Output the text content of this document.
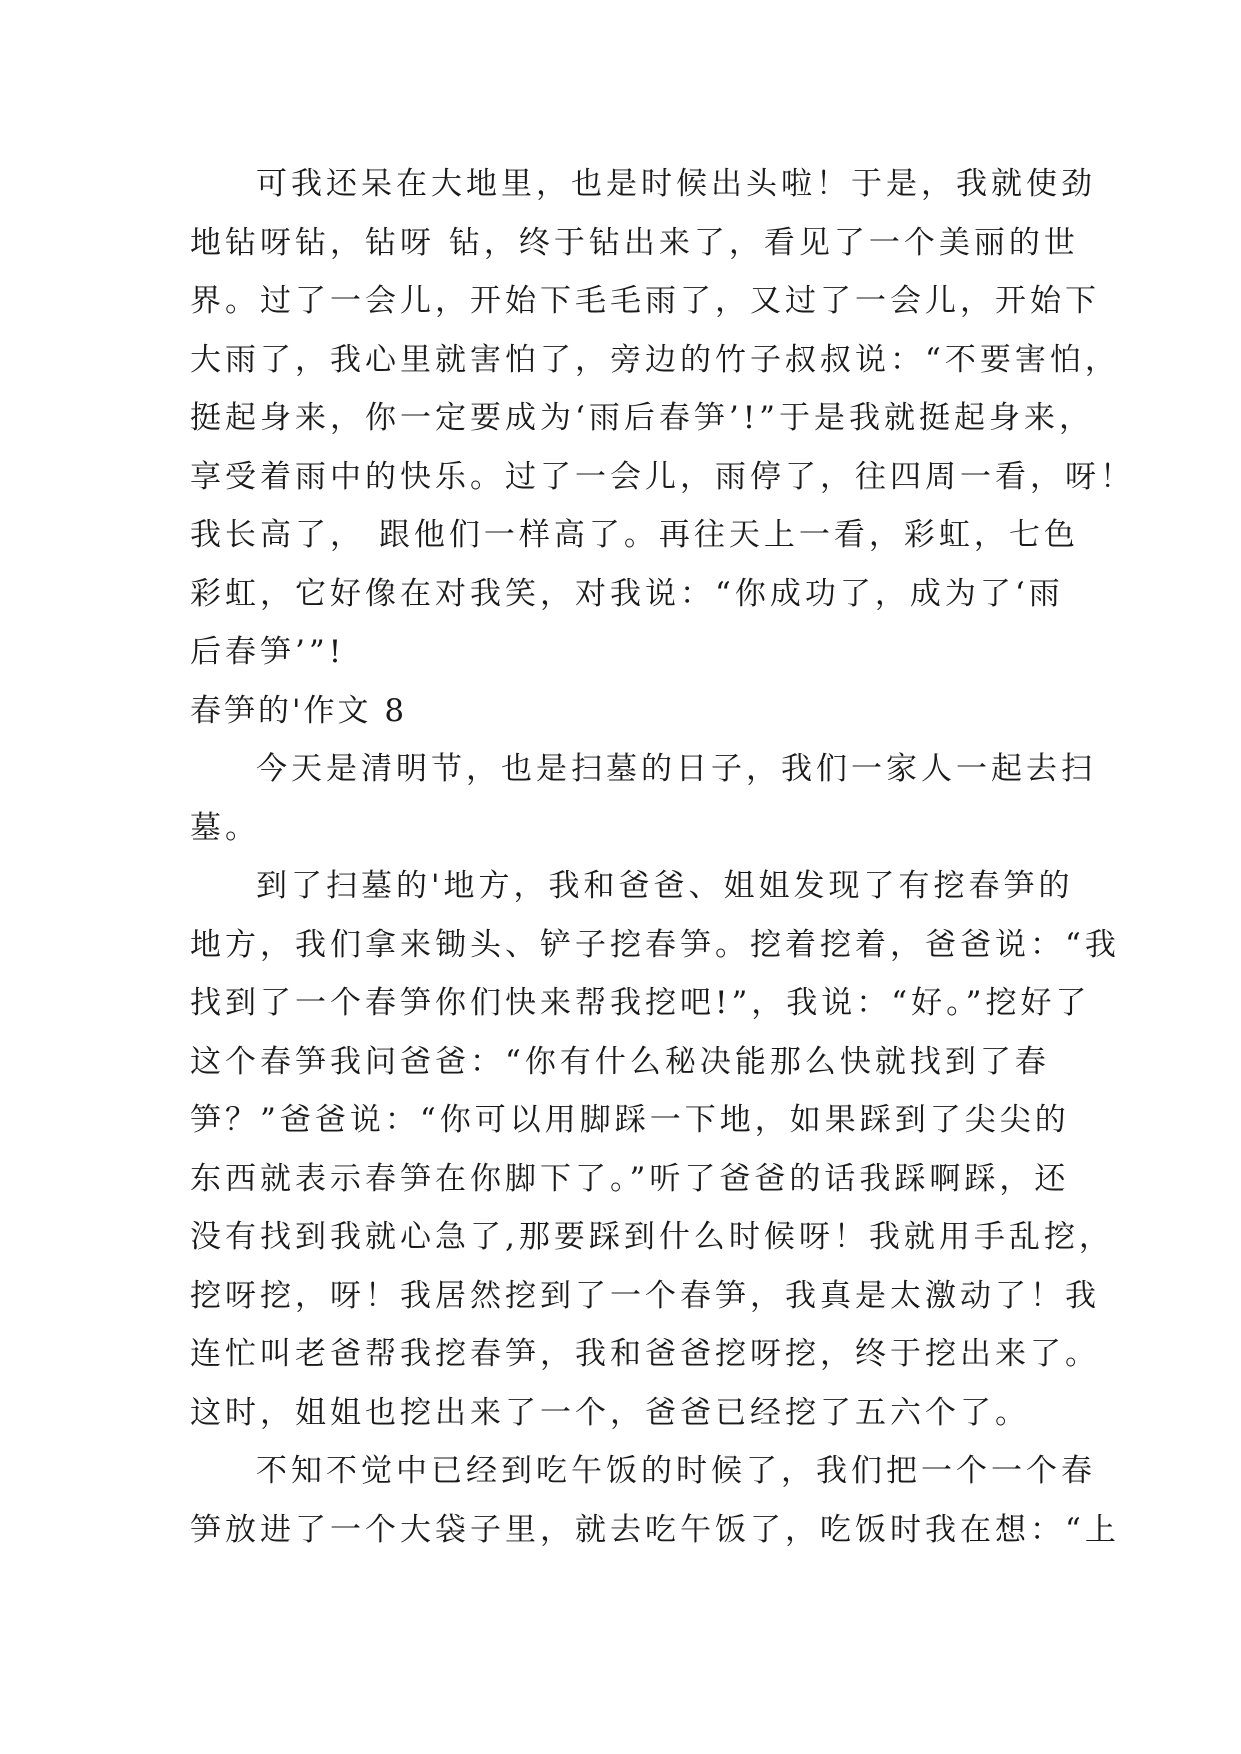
可我还呆在大地里，也是时候出头啦！于是，我就使劲
地钻呀钻，钻呀 钻，终于钻出来了，看见了一个美丽的世
界。过了一会儿，开始下毛毛雨了，又过了一会儿，开始下
大雨了，我心里就害怕了，旁边的竹子叔叔说：“不要害怕，
挺起身来，你一定要成为‘雨后春笋’!”于是我就挺起身来，
享受着雨中的快乐。过了一会儿，雨停了，往四周一看，呀！
我长高了， 跟他们一样高了。再往天上一看，彩虹，七色
彩虹，它好像在对我笑，对我说：“你成功了，成为了‘雨
后春笋’”!
春笋的'作文 8
今天是清明节，也是扫墓的日子，我们一家人一起去扫
墓。
到了扫墓的'地方，我和爸爸、姐姐发现了有挖春笋的
地方，我们拿来锄头、铲子挖春笋。挖着挖着，爸爸说：“我
找到了一个春笋你们快来帮我挖吧!”，我说：“好。”挖好了
这个春笋我问爸爸：“你有什么秘决能那么快就找到了春
笋？”爸爸说：“你可以用脚踩一下地，如果踩到了尖尖的
东西就表示春笋在你脚下了。”听了爸爸的话我踩啊踩，还
没有找到我就心急了,那要踩到什么时候呀！我就用手乱挖，
挖呀挖，呀！我居然挖到了一个春笋，我真是太激动了！我
连忙叫老爸帮我挖春笋，我和爸爸挖呀挖，终于挖出来了。
这时，姐姐也挖出来了一个，爸爸已经挖了五六个了。
不知不觉中已经到吃午饭的时候了，我们把一个一个春
笋放进了一个大袋子里，就去吃午饭了，吃饭时我在想：“上
